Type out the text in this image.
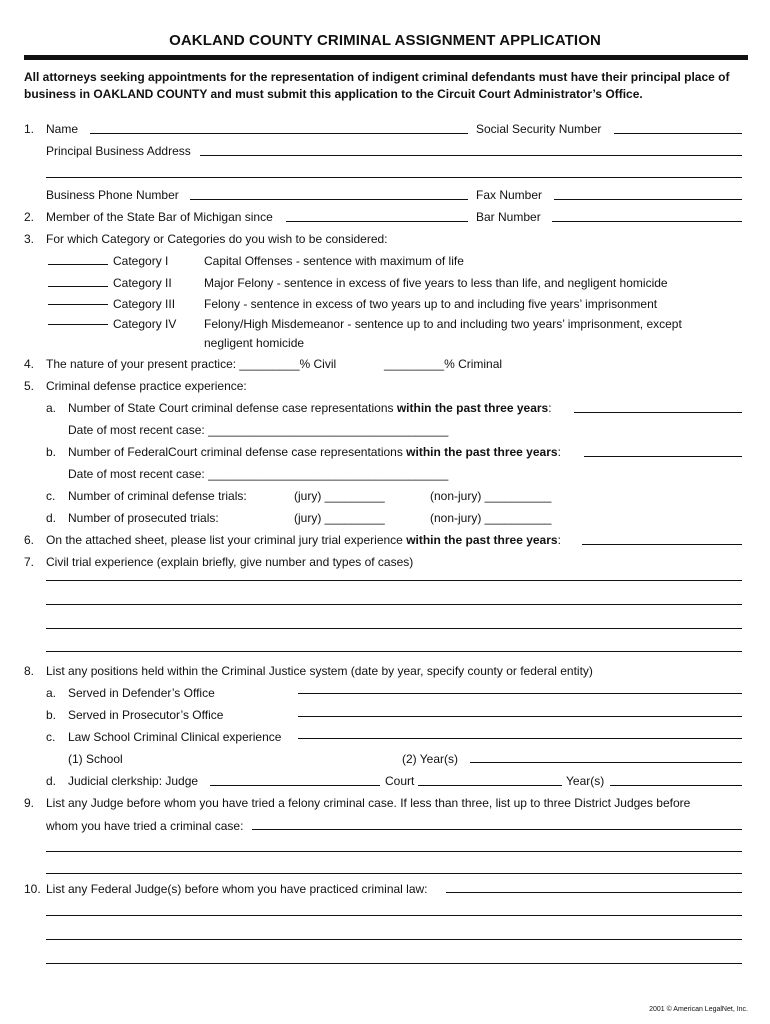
OAKLAND COUNTY CRIMINAL ASSIGNMENT APPLICATION
All attorneys seeking appointments for the representation of indigent criminal defendants must have their principal place of business in OAKLAND COUNTY and must submit this application to the Circuit Court Administrator’s Office.
1. Name	Social Security Number
Principal Business Address
Business Phone Number	Fax Number
2. Member of the State Bar of Michigan since	Bar Number
3. For which Category or Categories do you wish to be considered:
Category I	Capital Offenses - sentence with maximum of life
Category II	Major Felony - sentence in excess of five years to less than life, and negligent homicide
Category III Felony - sentence in excess of two years up to and including five years’ imprisonment
Category IV Felony/High Misdemeanor - sentence up to and including two years’ imprisonment, except
negligent homicide
4. The nature of your present practice: _________% Civil	_________% Criminal
5. Criminal defense practice experience:
a. Number of State Court criminal defense case representations within the past three years:
Date of most recent case: ____________________________________
b. Number of FederalCourt criminal defense case representations within the past three years:
Date of most recent case: ____________________________________
c. Number of criminal defense trials:	(jury) _________	(non-jury) __________
d. Number of prosecuted trials:	(jury) _________	(non-jury) __________
6. On the attached sheet, please list your criminal jury trial experience within the past three years:
7. Civil trial experience (explain briefly, give number and types of cases)
8. List any positions held within the Criminal Justice system (date by year, specify county or federal entity)
a. Served in Defender’s Office
b. Served in Prosecutor’s Office
c. Law School Criminal Clinical experience
(1) School	(2) Year(s)
d. Judicial clerkship: Judge	Court	Year(s)
9. List any Judge before whom you have tried a felony criminal case. If less than three, list up to three District Judges before
whom you have tried a criminal case:
10. List any Federal Judge(s) before whom you have practiced criminal law:
2001 © American LegalNet, Inc.
